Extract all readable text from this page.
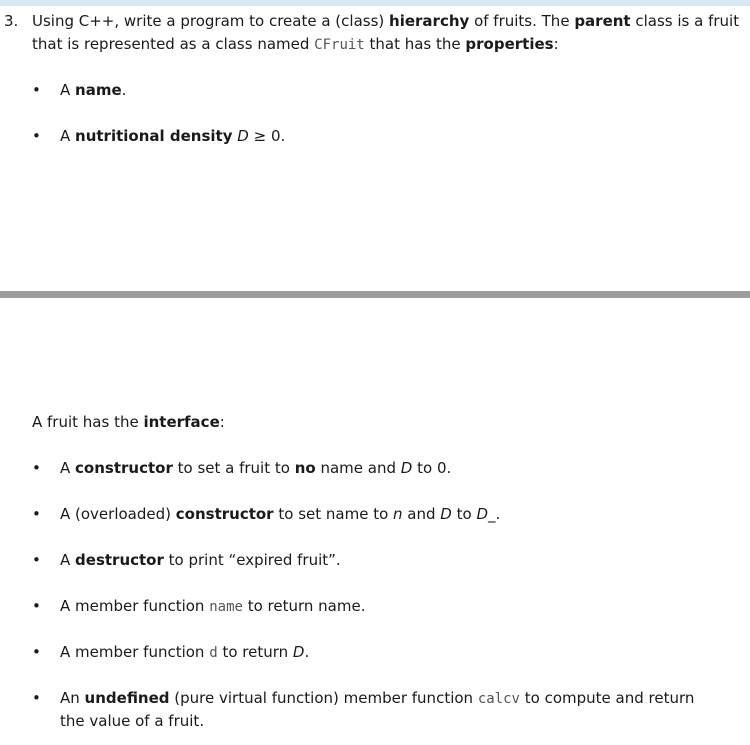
3. Using C++, write a program to create a (class) hierarchy of fruits. The parent class is a fruit
that is represented as a class named CFruit that has the properties:
• A name.
• A nutritional density D ≥ 0.
A fruit has the interface:
• A constructor to set a fruit to no name and D to 0.
• A (overloaded) constructor to set name to n and D to D_.
• A destructor to print “expired fruit”.
• A member function name to return name.
• A member function d to return D.
• An undefined (pure virtual function) member function calcv to compute and return
the value of a fruit.
